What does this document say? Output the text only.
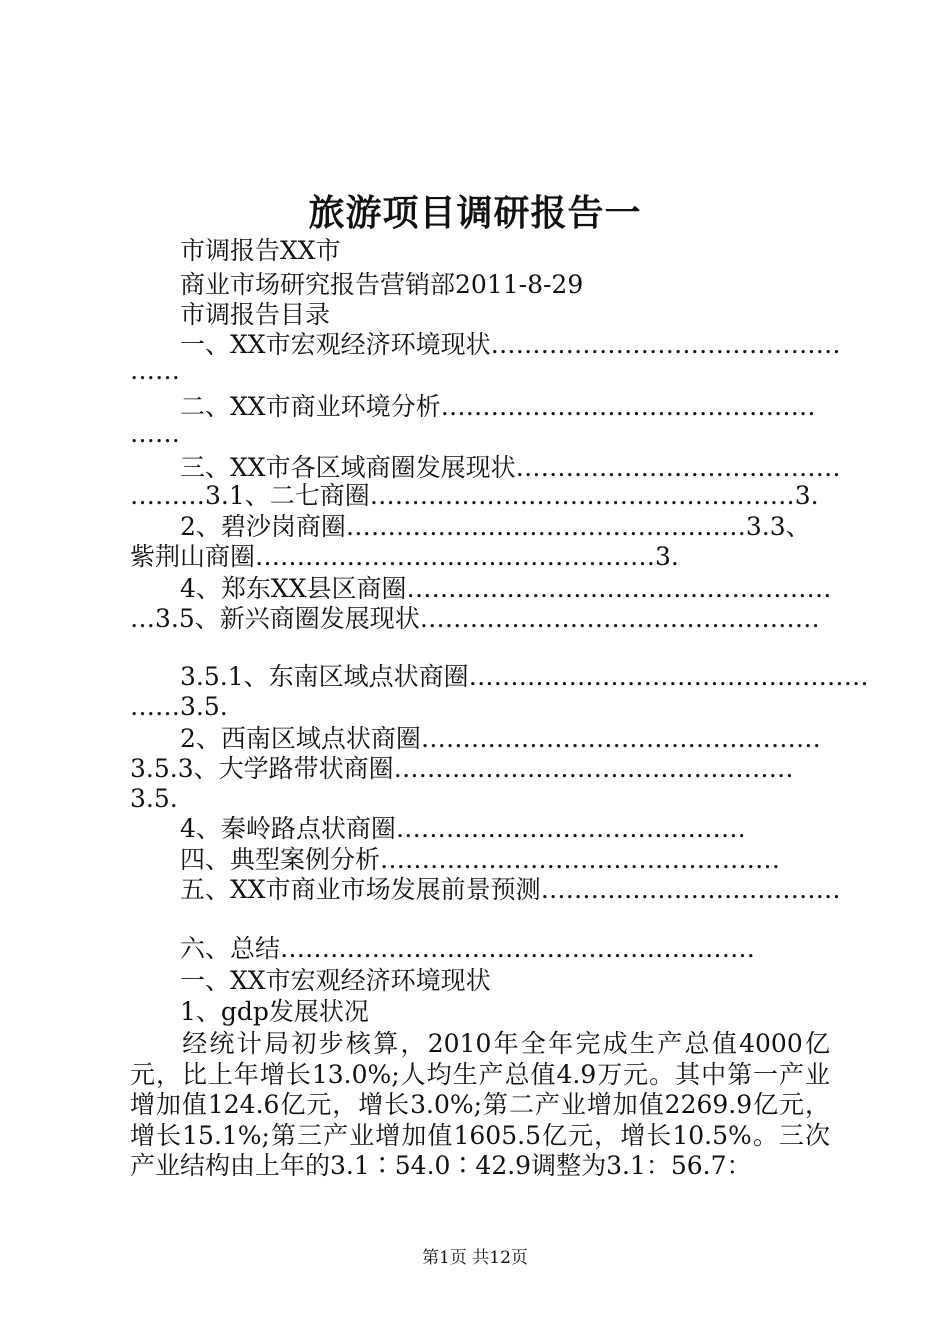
旅游项目调研报告一
市调报告XX市
商业市场研究报告营销部2011-8-29
市调报告目录
一、XX市宏观经济环境现状……………………………………
……
二、XX市商业环境分析………………………………………
……
三、XX市各区域商圈发展现状…………………………………
………3.1、二七商圈……………………………………………3.
2、碧沙岗商圈…………………………………………3.3、
紫荆山商圈…………………………………………3.
4、郑东XX县区商圈……………………………………………
…3.5、新兴商圈发展现状…………………………………………
3.5.1、东南区域点状商圈…………………………………………
……3.5.
2、西南区域点状商圈…………………………………………
3.5.3、大学路带状商圈…………………………………………
3.5.
4、秦岭路点状商圈……………………………………
四、典型案例分析…………………………………………
五、XX市商业市场发展前景预测………………………………
六、总结…………………………………………………
一、XX市宏观经济环境现状
1、gdp发展状况
经统计局初步核算，2010年全年完成生产总值4000亿元，比上年增长13.0%;人均生产总值4.9万元。其中第一产业增加值124.6亿元，增长3.0%;第二产业增加值2269.9亿元，增长15.1%;第三产业增加值1605.5亿元，增长10.5%。三次产业结构由上年的3.1∶54.0∶42.9调整为3.1：56.7：
第1页 共12页
